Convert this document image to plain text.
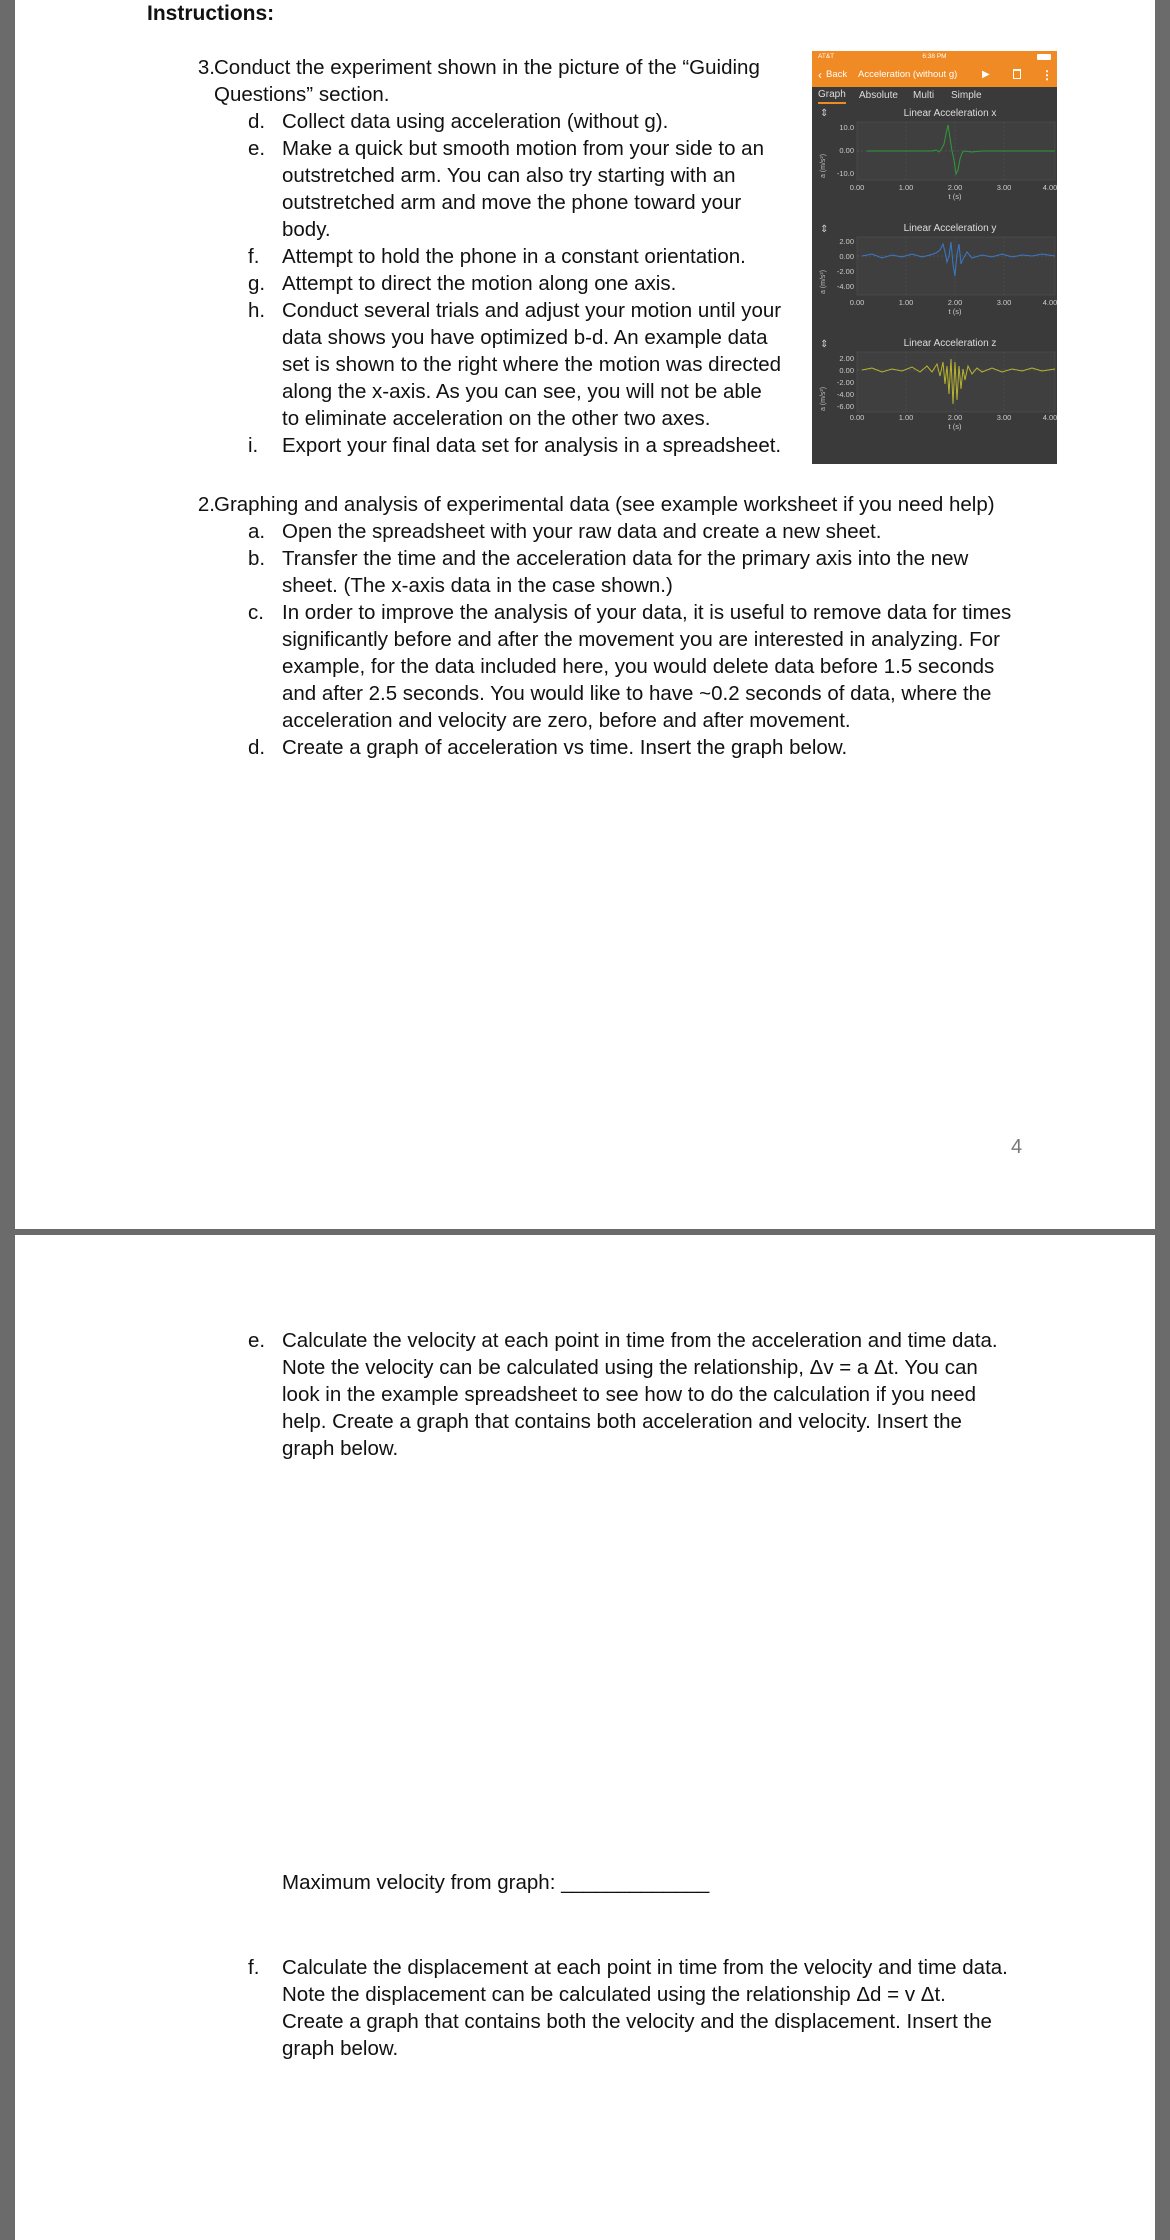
Instructions:
3. Conduct the experiment shown in the picture of the “Guiding
Questions” section.
d. Collect data using acceleration (without g).
e. Make a quick but smooth motion from your side to an
outstretched arm. You can also try starting with an
outstretched arm and move the phone toward your
body.
f. Attempt to hold the phone in a constant orientation.
g. Attempt to direct the motion along one axis.
h. Conduct several trials and adjust your motion until your
data shows you have optimized b-d. An example data
set is shown to the right where the motion was directed
along the x-axis. As you can see, you will not be able
to eliminate acceleration on the other two axes.
i. Export your final data set for analysis in a spreadsheet.
AT&T	6:38 PM
‹ Back Acceleration (without g) ▶	⋮
Graph Absolute Multi Simple
⇕	Linear Acceleration x
a (m/s²)
10.0
0.00
-10.0
0.00	1.00	2.00	3.00	4.00
t (s)
⇕	Linear Acceleration y
a (m/s²)
2.00
0.00
-2.00
-4.00
0.00	1.00	2.00	3.00	4.00
t (s)
⇕	Linear Acceleration z
a (m/s²)
2.00
0.00
-2.00
-4.00
-6.00
0.00	1.00	2.00	3.00	4.00
t (s)
2. Graphing and analysis of experimental data (see example worksheet if you need help)
a. Open the spreadsheet with your raw data and create a new sheet.
b. Transfer the time and the acceleration data for the primary axis into the new
sheet. (The x-axis data in the case shown.)
c. In order to improve the analysis of your data, it is useful to remove data for times
significantly before and after the movement you are interested in analyzing. For
example, for the data included here, you would delete data before 1.5 seconds
and after 2.5 seconds. You would like to have ~0.2 seconds of data, where the
acceleration and velocity are zero, before and after movement.
d. Create a graph of acceleration vs time. Insert the graph below.
4
e. Calculate the velocity at each point in time from the acceleration and time data.
Note the velocity can be calculated using the relationship, Δv = a Δt. You can
look in the example spreadsheet to see how to do the calculation if you need
help. Create a graph that contains both acceleration and velocity. Insert the
graph below.
Maximum velocity from graph: _____________
f. Calculate the displacement at each point in time from the velocity and time data.
Note the displacement can be calculated using the relationship Δd = v Δt.
Create a graph that contains both the velocity and the displacement. Insert the
graph below.
